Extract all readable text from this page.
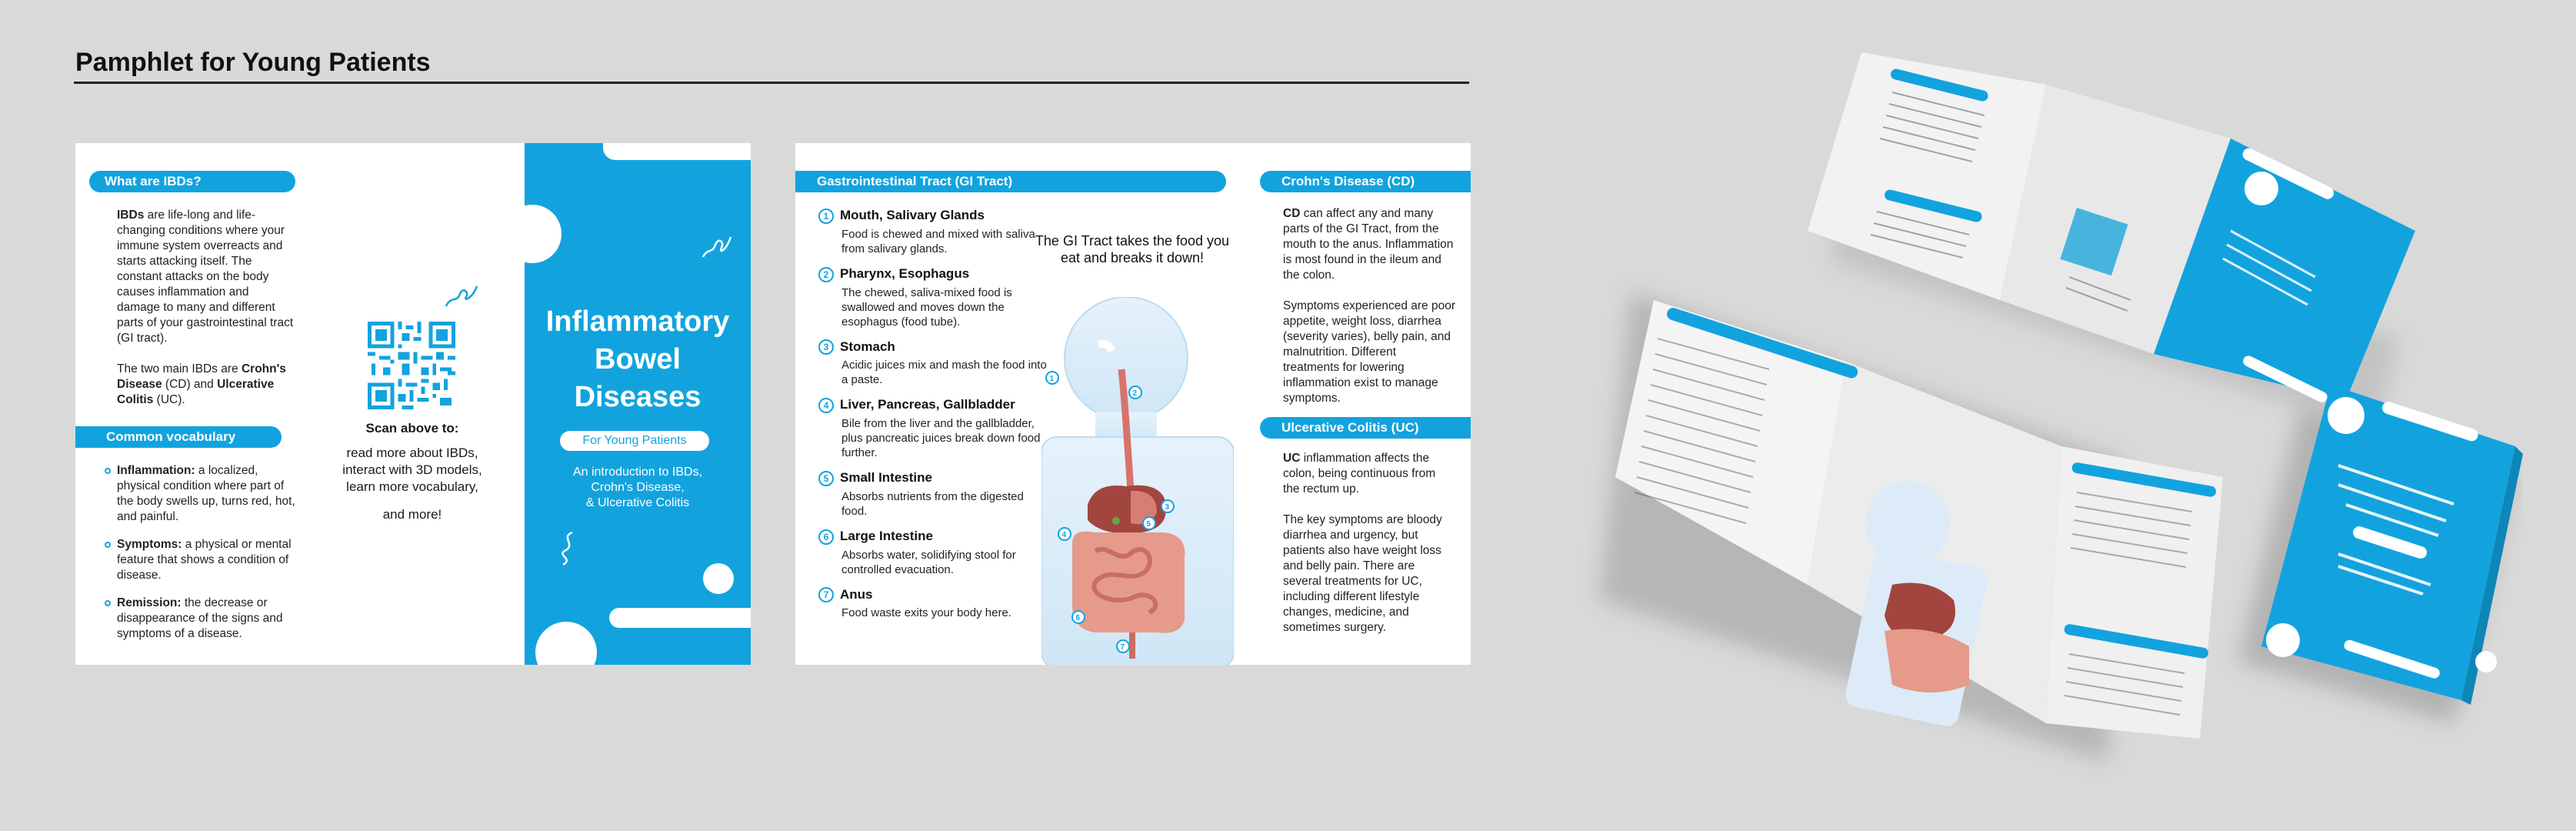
Pamphlet for Young Patients
What are IBDs?
IBDs are life-long and life-changing conditions where your immune system overreacts and starts attacking itself. The constant attacks on the body causes inflammation and damage to many and different parts of your gastrointestinal tract (GI tract).
The two main IBDs are Crohn's Disease (CD) and Ulcerative Colitis (UC).
Common vocabulary
Inflammation: a localized, physical condition where part of the body swells up, turns red, hot, and painful.
Symptoms: a physical or mental feature that shows a condition of disease.
Remission: the decrease or disappearance of the signs and symptoms of a disease.
Scan above to:
read more about IBDs,
interact with 3D models,
learn more vocabulary,
and more!
Inflammatory
Bowel
Diseases
For Young Patients
An introduction to IBDs,
Crohn's Disease,
& Ulcerative Colitis
Gastrointestinal Tract (GI Tract)
1 Mouth, Salivary Glands
Food is chewed and mixed with saliva from salivary glands.
2 Pharynx, Esophagus
The chewed, saliva-mixed food is swallowed and moves down the esophagus (food tube).
3 Stomach
Acidic juices mix and mash the food into a paste.
4 Liver, Pancreas, Gallbladder
Bile from the liver and the gallbladder, plus pancreatic juices break down food further.
5 Small Intestine
Absorbs nutrients from the digested food.
6 Large Intestine
Absorbs water, solidifying stool for controlled evacuation.
7 Anus
Food waste exits your body here.
The GI Tract takes the food you
eat and breaks it down!
1
2
3
4
5
6
7
Crohn's Disease (CD)
CD can affect any and many parts of the GI Tract, from the mouth to the anus. Inflammation is most found in the ileum and the colon.
Symptoms experienced are poor appetite, weight loss, diarrhea (severity varies), belly pain, and malnutrition. Different treatments for lowering inflammation exist to manage symptoms.
Ulcerative Colitis (UC)
UC inflammation affects the colon, being continuous from the rectum up.
The key symptoms are bloody diarrhea and urgency, but patients also have weight loss and belly pain. There are several treatments for UC, including different lifestyle changes, medicine, and sometimes surgery.
